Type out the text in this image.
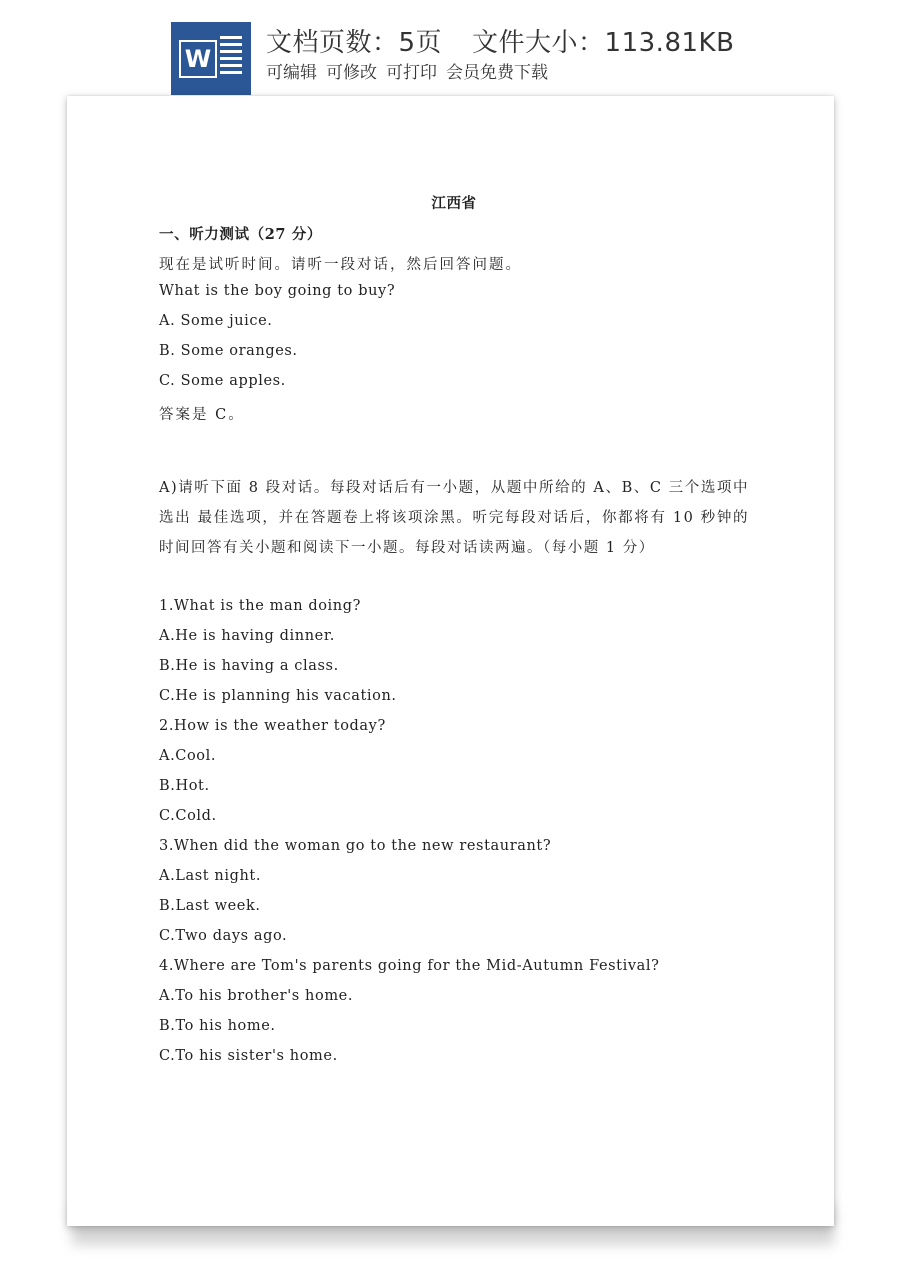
W
文档页数：5页 文件大小：113.81KB
可编辑 可修改 可打印 会员免费下载
江西省
一、听力测试（27 分）
现在是试听时间。请听一段对话，然后回答问题。
What is the boy going to buy?
A. Some juice.
B. Some oranges.
C. Some apples.
答案是 C。
A)请听下面 8 段对话。每段对话后有一小题，从题中所给的 A、B、C 三个选项中选出 最佳选项，并在答题卷上将该项涂黑。听完每段对话后，你都将有 10 秒钟的时间回答有关小题和阅读下一小题。每段对话读两遍。（每小题 1 分）
1.What is the man doing?
A.He is having dinner.
B.He is having a class.
C.He is planning his vacation.
2.How is the weather today?
A.Cool.
B.Hot.
C.Cold.
3.When did the woman go to the new restaurant?
A.Last night.
B.Last week.
C.Two days ago.
4.Where are Tom's parents going for the Mid-Autumn Festival?
A.To his brother's home.
B.To his home.
C.To his sister's home.
